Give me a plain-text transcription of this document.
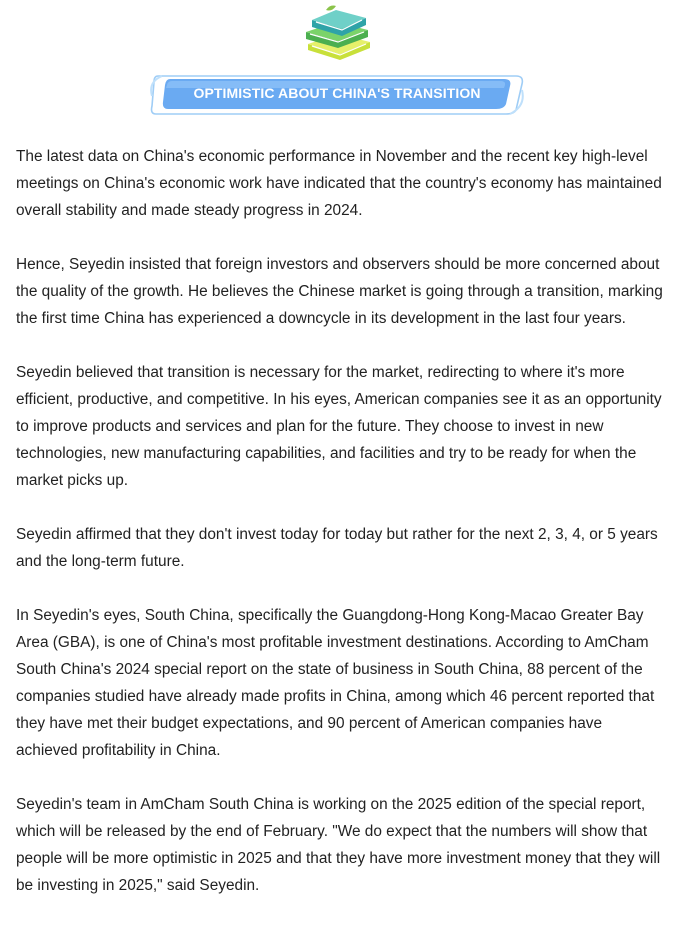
OPTIMISTIC ABOUT CHINA'S TRANSITION

The latest data on China's economic performance in November and the recent key high-level meetings on China's economic work have indicated that the country's economy has maintained overall stability and made steady progress in 2024.

Hence, Seyedin insisted that foreign investors and observers should be more concerned about the quality of the growth. He believes the Chinese market is going through a transition, marking the first time China has experienced a downcycle in its development in the last four years.

Seyedin believed that transition is necessary for the market, redirecting to where it's more efficient, productive, and competitive. In his eyes, American companies see it as an opportunity to improve products and services and plan for the future. They choose to invest in new technologies, new manufacturing capabilities, and facilities and try to be ready for when the market picks up.

Seyedin affirmed that they don't invest today for today but rather for the next 2, 3, 4, or 5 years and the long-term future.

In Seyedin's eyes, South China, specifically the Guangdong-Hong Kong-Macao Greater Bay Area (GBA), is one of China's most profitable investment destinations. According to AmCham South China's 2024 special report on the state of business in South China, 88 percent of the companies studied have already made profits in China, among which 46 percent reported that they have met their budget expectations, and 90 percent of American companies have achieved profitability in China.

Seyedin's team in AmCham South China is working on the 2025 edition of the special report, which will be released by the end of February. "We do expect that the numbers will show that people will be more optimistic in 2025 and that they have more investment money that they will be investing in 2025," said Seyedin.
